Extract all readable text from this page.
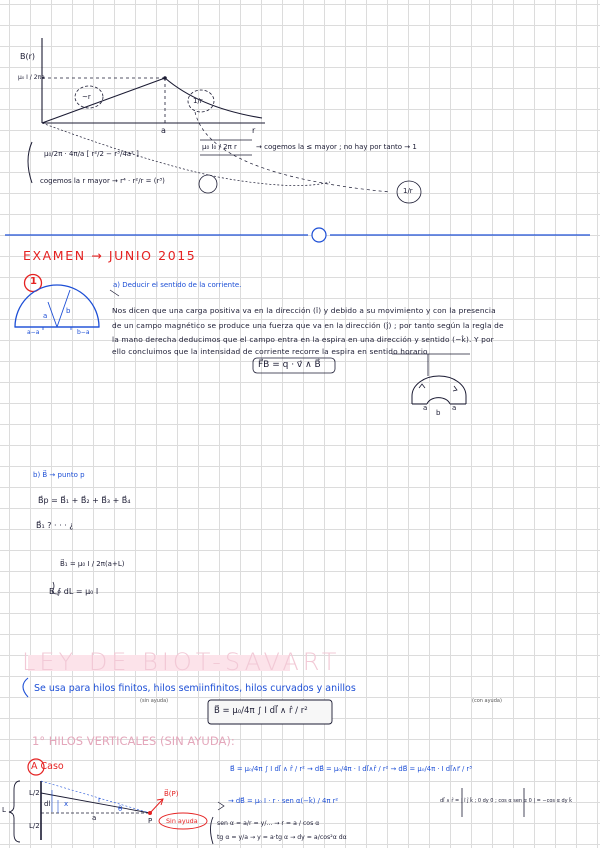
B(r)
μ₀ I / 2πa
r
a
~r	1/r
μ₀ I₀ / 2π r	→ cogemos la ≤ mayor ; no hay por tanto → 1
μ₀/2π · 4π/a [ r²/2 − r³/4a² ]
cogemos la r mayor → r⁴ · r²/r = (r³)
1/r
EXAMEN → JUNIO 2015
1	a) Deducir el sentido de la corriente.
a−a	b−a
b
a
Nos dicen que una carga positiva va en la dirección (î) y debido a su movimiento y con la presencia
de un campo magnético se produce una fuerza que va en la dirección (ĵ) ; por tanto según la regla de
la mano derecha deducimos que el campo entra en la espira en una dirección y sentido (−k̂). Y por
ello concluimos que la intensidad de corriente recorre la espira en sentido horario
F⃗B = q · v⃗ ∧ B⃗
a
b
a
b) B⃗ → punto p
B⃗p = B⃗₁ + B⃗₂ + B⃗₃ + B⃗₄
B⃗₁ ? · · · ¿
B⃗₁ = μ₀ I / 2π(a+L)
B ∮ dL = μ₀ I
LEY DE BIOT-SAVART
Se usa para hilos finitos, hilos semiinfinitos, hilos curvados y anillos
(sin ayuda)	(con ayuda)
B⃗ = μ₀/4π ∫ I dl⃗ ∧ r̂ / r²
1° HILOS VERTICALES (SIN AYUDA):
A Caso
B⃗(P)
P
L/2
L
L/2
x
θ
a
r
dl
B⃗ = μ₀/4π ∫ I dl⃗ ∧ r̂ / r² → dB⃗ = μ₀/4π · I dl⃗∧r̂ / r² → dB⃗ = μ₀/4π · I dl⃗∧r⃗ / r³
→ dB⃗ = μ₀ I · r · sen α(−k̂) / 4π r²	dl⃗ ∧ r̂ = | î ĵ k̂ ; 0 dy 0 ; cos α sen α 0 | = −cos α dy k̂
Sin ayuda	sen α = a/r = y/... → r = a / cos α
tg α = y/a → y = a·tg α → dy = a/cos²α dα
